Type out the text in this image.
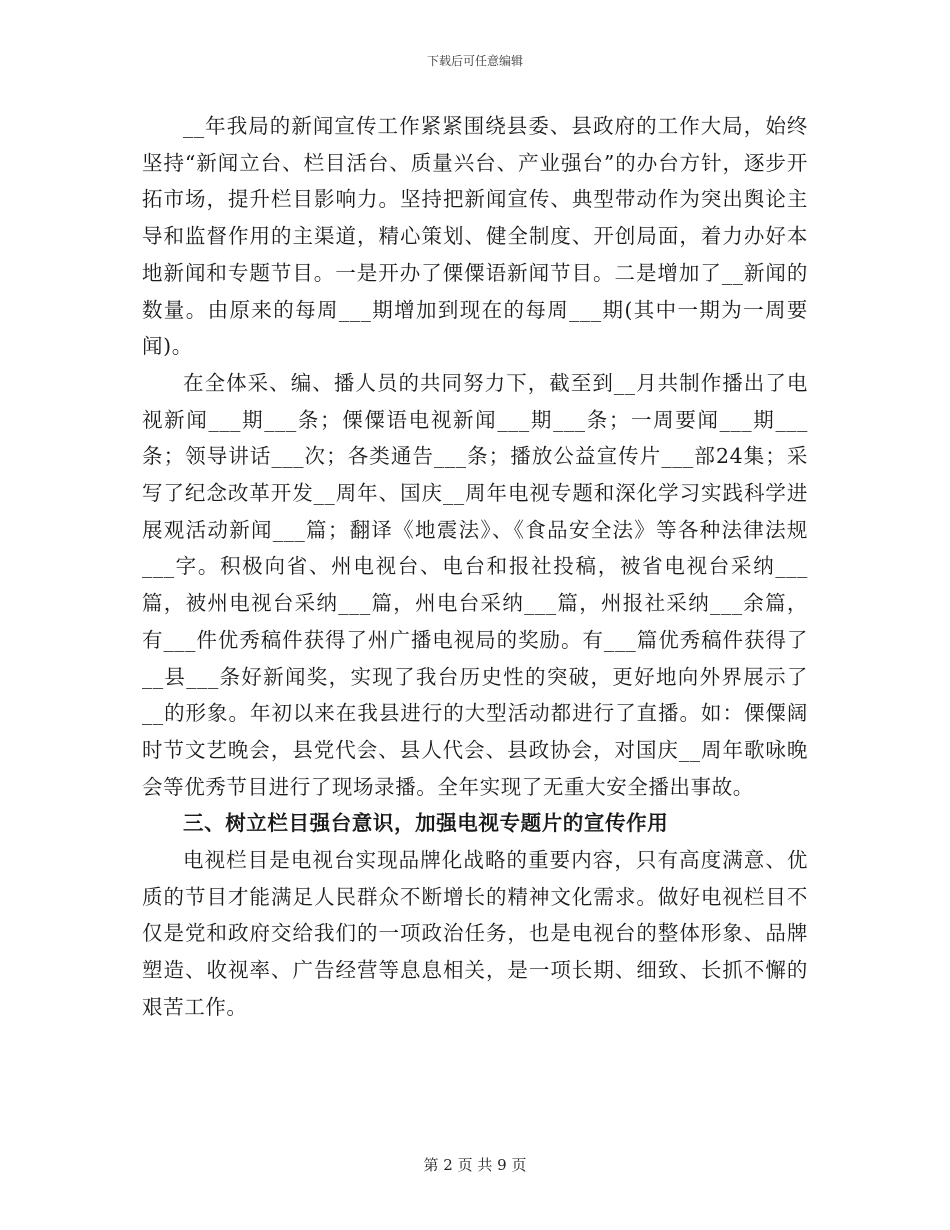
下载后可任意编辑

__年我局的新闻宣传工作紧紧围绕县委、县政府的工作大局，始终坚持“新闻立台、栏目活台、质量兴台、产业强台”的办台方针，逐步开拓市场，提升栏目影响力。坚持把新闻宣传、典型带动作为突出舆论主导和监督作用的主渠道，精心策划、健全制度、开创局面，着力办好本地新闻和专题节目。一是开办了傈僳语新闻节目。二是增加了__新闻的数量。由原来的每周___期增加到现在的每周___期(其中一期为一周要闻)。

在全体采、编、播人员的共同努力下，截至到__月共制作播出了电视新闻___期___条；傈僳语电视新闻___期___条；一周要闻___期___条；领导讲话___次；各类通告___条；播放公益宣传片___部24集；采写了纪念改革开发__周年、国庆__周年电视专题和深化学习实践科学进展观活动新闻___篇；翻译《地震法》、《食品安全法》等各种法律法规___字。积极向省、州电视台、电台和报社投稿，被省电视台采纳___篇，被州电视台采纳___篇，州电台采纳___篇，州报社采纳___余篇，有___件优秀稿件获得了州广播电视局的奖励。有___篇优秀稿件获得了__县___条好新闻奖，实现了我台历史性的突破，更好地向外界展示了__的形象。年初以来在我县进行的大型活动都进行了直播。如：傈僳阔时节文艺晚会，县党代会、县人代会、县政协会，对国庆__周年歌咏晚会等优秀节目进行了现场录播。全年实现了无重大安全播出事故。

三、树立栏目强台意识，加强电视专题片的宣传作用

电视栏目是电视台实现品牌化战略的重要内容，只有高度满意、优质的节目才能满足人民群众不断增长的精神文化需求。做好电视栏目不仅是党和政府交给我们的一项政治任务，也是电视台的整体形象、品牌塑造、收视率、广告经营等息息相关，是一项长期、细致、长抓不懈的艰苦工作。

第 2 页 共 9 页
